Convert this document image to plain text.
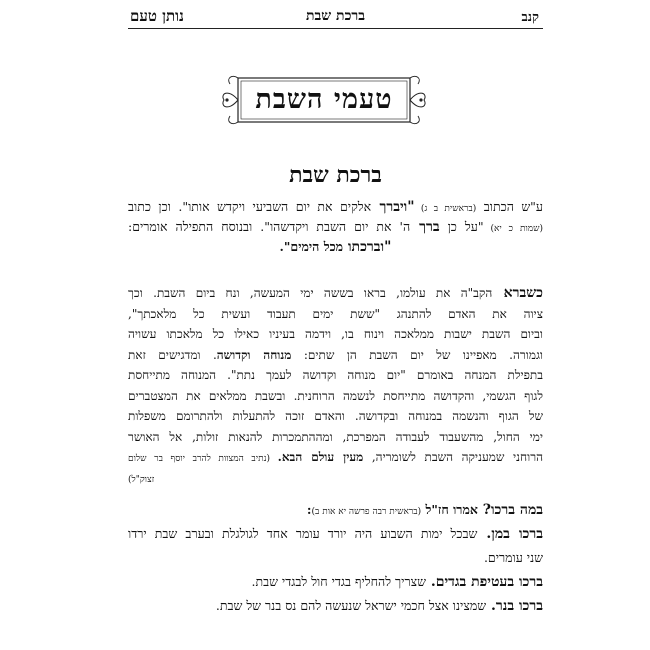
קנב
ברכת שבת
נותן טעם
טעמי השבת
ברכת שבת
ע"ש הכתוב (בראשית ב ג) "ויברך אלקים את יום השביעי ויקדש אותו". וכן כתוב
(שמות כ יא) "על כן ברך ה' את יום השבת ויקדשהו". ובנוסח התפילה אומרים:
"וברכתו מכל הימים".
כשברא הקב"ה את עולמו, בראו בששה ימי המעשה, ונח ביום השבת. וכך
ציוה את האדם להתנהג "ששת ימים תעבוד ועשית כל מלאכתך",
וביום השבת ישבות ממלאכה וינוח בו, וידמה בעיניו כאילו כל מלאכתו עשויה
וגמורה. מאפיינו של יום השבת הן שתים: מנוחה וקדושה. ומדגישים זאת
בתפילת המנחה באומרם "יום מנוחה וקדושה לעמך נתת". המנוחה מתייחסת
לגוף הגשמי, והקדושה מתייחסת לנשמה הרוחנית. ובשבת ממלאים את המצטברים
של הגוף והנשמה במנוחה ובקדושה. והאדם זוכה להתעלות ולהתרומם משפלות
ימי החול, מהשעבוד לעבודה המפרכת, ומההתמכרות להנאות זולות, אל האושר
הרוחני שמעניקה השבת לשומריה, מעין עולם הבא. (נתיב המצוות להרב יוסף בר שלום
זצוק"ל)
במה ברכו? אמרו חז"ל (בראשית רבה פרשה יא אות ב):
ברכו במן. שבכל ימות השבוע היה יורד עומר אחד לגולגלת ובערב שבת ירדו
שני עומרים.
ברכו בעטיפת בגדים. שצריך להחליף בגדי חול לבגדי שבת.
ברכו בנר. שמצינו אצל חכמי ישראל שנעשה להם נס בנר של שבת.
